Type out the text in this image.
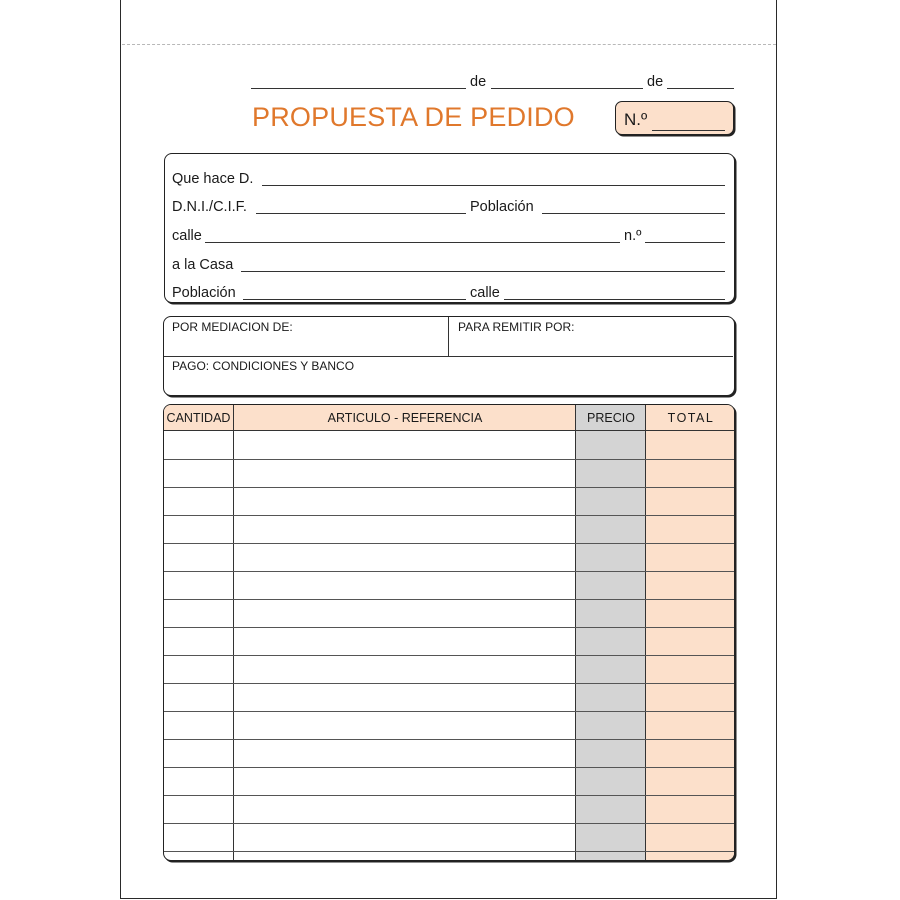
de	de
PROPUESTA DE PEDIDO	N.º
Que hace D.
D.N.I./C.I.F.	Población
calle	n.º
a la Casa
Población	calle
POR MEDIACION DE:	PARA REMITIR POR:
PAGO: CONDICIONES Y BANCO
CANTIDAD	ARTICULO - REFERENCIA	PRECIO	TOTAL
